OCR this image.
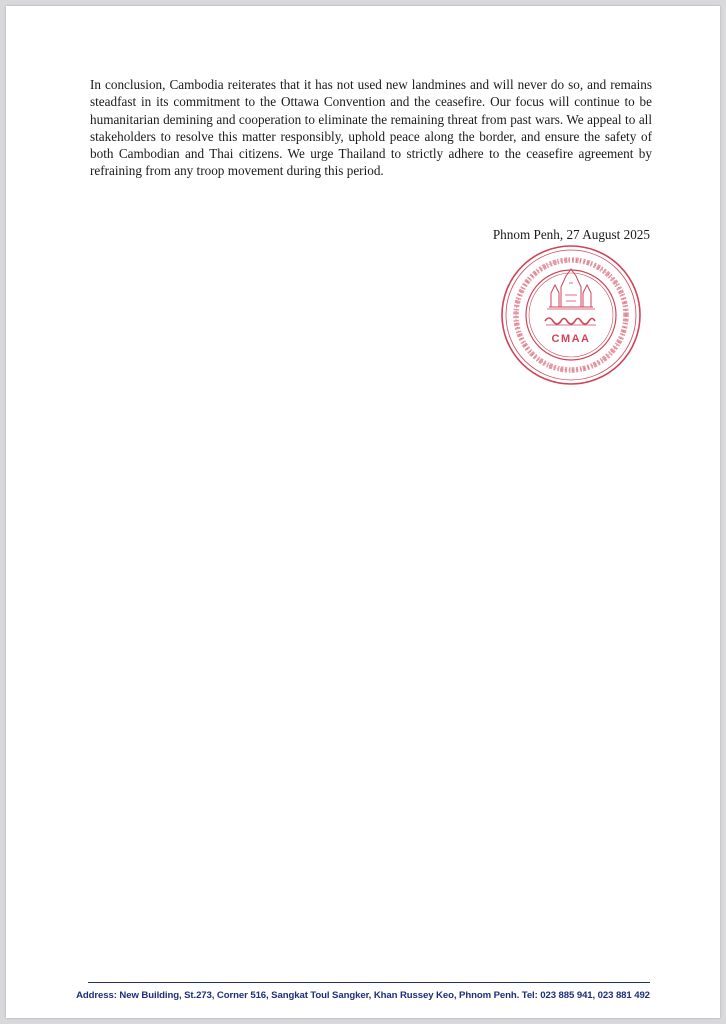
In conclusion, Cambodia reiterates that it has not used new landmines and will never do so, and remains steadfast in its commitment to the Ottawa Convention and the ceasefire. Our focus will continue to be humanitarian demining and cooperation to eliminate the remaining threat from past wars. We appeal to all stakeholders to resolve this matter responsibly, uphold peace along the border, and ensure the safety of both Cambodian and Thai citizens. We urge Thailand to strictly adhere to the ceasefire agreement by refraining from any troop movement during this period.

Phnom Penh, 27 August 2025
CMAA
Address: New Building, St.273, Corner 516, Sangkat Toul Sangker, Khan Russey Keo, Phnom Penh. Tel: 023 885 941, 023 881 492
